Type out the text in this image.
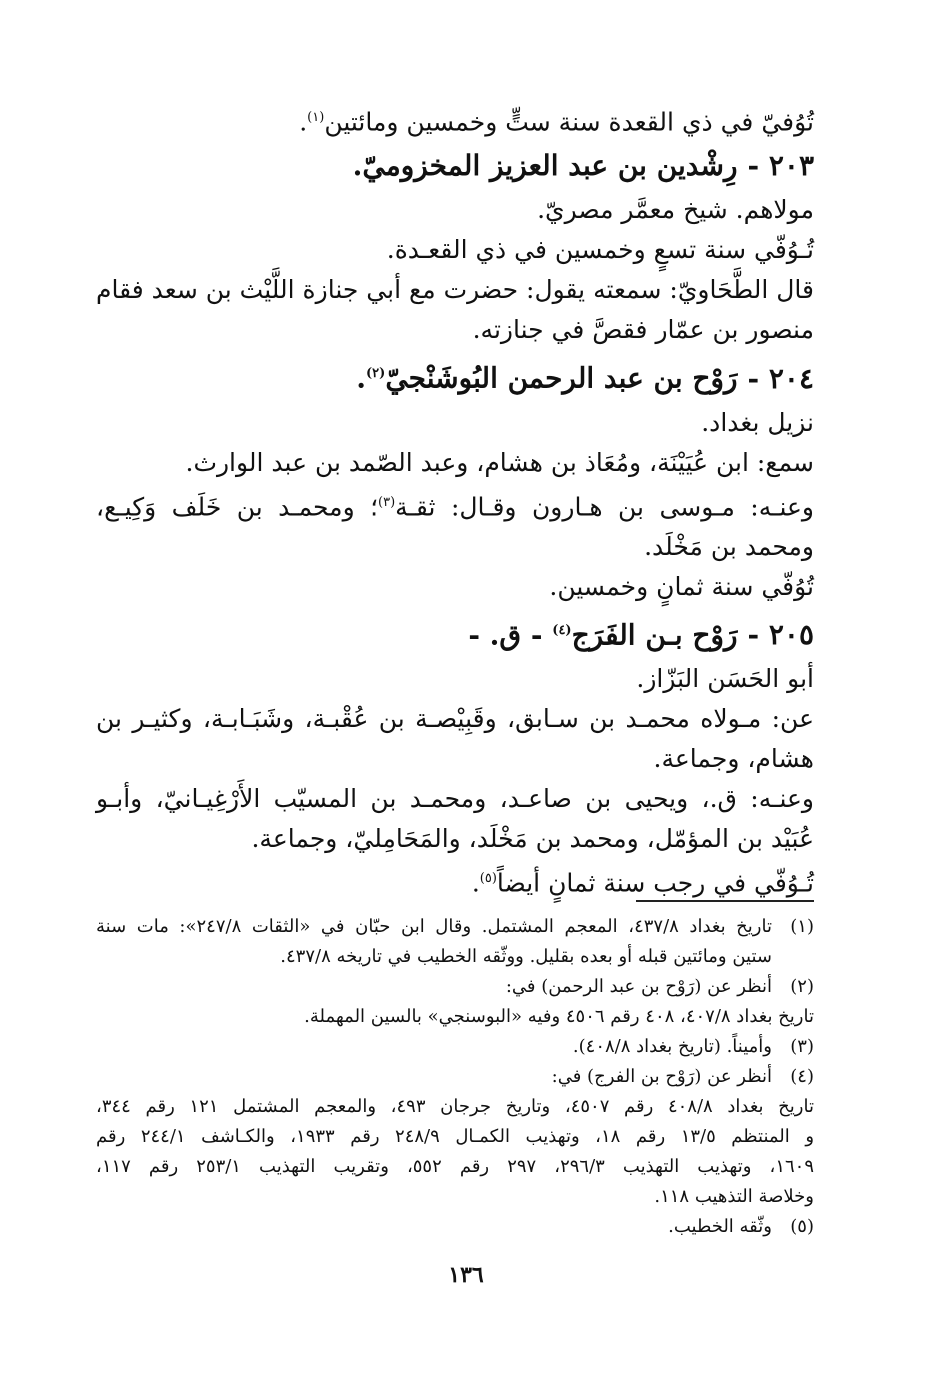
تُوُفيّ في ذي القعدة سنة ستٍّ وخمسين ومائتين$^{(١)}$.

٢٠٣ -رِشْدين بن عبد العزيز المخزوميّ.

مولاهم. شيخ معمَّر مصريّ.

تُـوُفّي سنة تسعٍ وخمسين في ذي القعـدة.

قال الطَّحَاويّ: سمعته يقول: حضرت مع أبي جنازة اللَّيْث بن سعد فقام

منصور بن عمّار فقصَّ في جنازته.

٢٠٤ -رَوْح بن عبد الرحمن البُوشَنْجيّ$^{(٢)}$.

نزيل بغداد.

سمع: ابن عُيَيْنَة، ومُعَاذ بن هشام، وعبد الصّمد بن عبد الوارث.

وعنـه: مـوسى بن هـارون وقـال: ثقـة$^{(٣)}$؛ ومحمـد بن خَلَف وَكِيـع،

ومحمد بن مَخْلَد.

تُوُفّي سنة ثمانٍ وخمسين.

٢٠٥ -رَوْح بـن الفَرَج$^{(٤)}$ - ق. -

أبو الحَسَن البَزّاز.

عن: مـولاه محمـد بن سـابق، وقَبِيْصـة بن عُقْبـة، وشَبَـابـة، وكثيـر بن

هشام، وجماعة.

وعنـه: ق.، ويحيى بن صاعـد، ومحمـد بن المسيّب الأَرْغِيـانيّ، وأبـو

عُبَيْد بن المؤمّل، ومحمد بن مَخْلَد، والمَحَامِليّ، وجماعة.

تُـوُفّي في رجب سنة ثمانٍ أيضاً$^{(٥)}$.

(١)
تاريخ بغداد ٤٣٧/٨، المعجم المشتمل. وقال ابن حبّان في «الثقات ٢٤٧/٨»: مات سنة
ستين ومائتين قبله أو بعده بقليل. ووثّقه الخطيب في تاريخه ٤٣٧/٨.
(٢)
أنظر عن (رَوْح بن عبد الرحمن) في:
تاريخ بغداد ٤٠٧/٨، ٤٠٨ رقم ٤٥٠٦ وفيه «البوسنجي» بالسين المهملة.
(٣)
وأميناً. (تاريخ بغداد ٤٠٨/٨).
(٤)
أنظر عن (رَوْح بن الفرج) في:
تاريخ بغداد ٤٠٨/٨ رقم ٤٥٠٧، وتاريخ جرجان ٤٩٣، والمعجم المشتمل ١٢١ رقم ٣٤٤،
و المنتظم ١٣/٥ رقم ١٨، وتهذيب الكمـال ٢٤٨/٩ رقم ١٩٣٣، والكـاشف ٢٤٤/١ رقم
١٦٠٩، وتهذيب التهذيب ٢٩٦/٣، ٢٩٧ رقم ٥٥٢، وتقريب التهذيب ٢٥٣/١ رقم ١١٧،
وخلاصة التذهيب ١١٨.
(٥)
وثّقه الخطيب.
١٣٦
